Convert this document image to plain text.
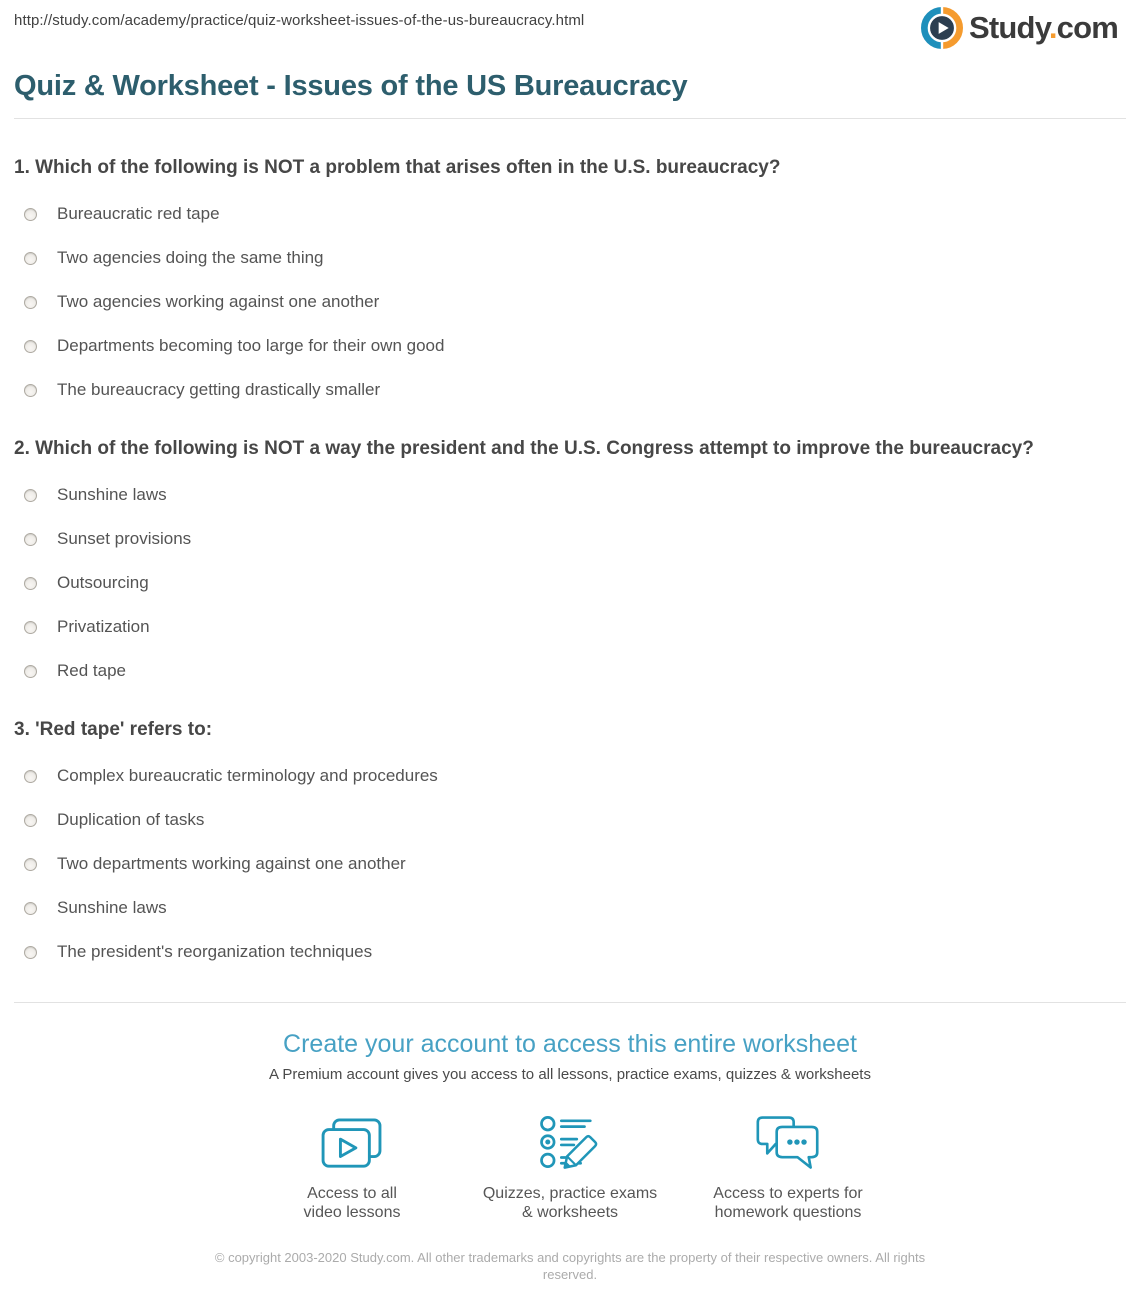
http://study.com/academy/practice/quiz-worksheet-issues-of-the-us-bureaucracy.html	Study.com
Quiz & Worksheet - Issues of the US Bureaucracy
1. Which of the following is NOT a problem that arises often in the U.S. bureaucracy?
Bureaucratic red tape
Two agencies doing the same thing
Two agencies working against one another
Departments becoming too large for their own good
The bureaucracy getting drastically smaller
2. Which of the following is NOT a way the president and the U.S. Congress attempt to improve the bureaucracy?
Sunshine laws
Sunset provisions
Outsourcing
Privatization
Red tape
3. 'Red tape' refers to:
Complex bureaucratic terminology and procedures
Duplication of tasks
Two departments working against one another
Sunshine laws
The president's reorganization techniques
Create your account to access this entire worksheet
A Premium account gives you access to all lessons, practice exams, quizzes & worksheets
Access to all
video lessons
Quizzes, practice exams
& worksheets
Access to experts for
homework questions
© copyright 2003-2020 Study.com. All other trademarks and copyrights are the property of their respective owners. All rights
reserved.
